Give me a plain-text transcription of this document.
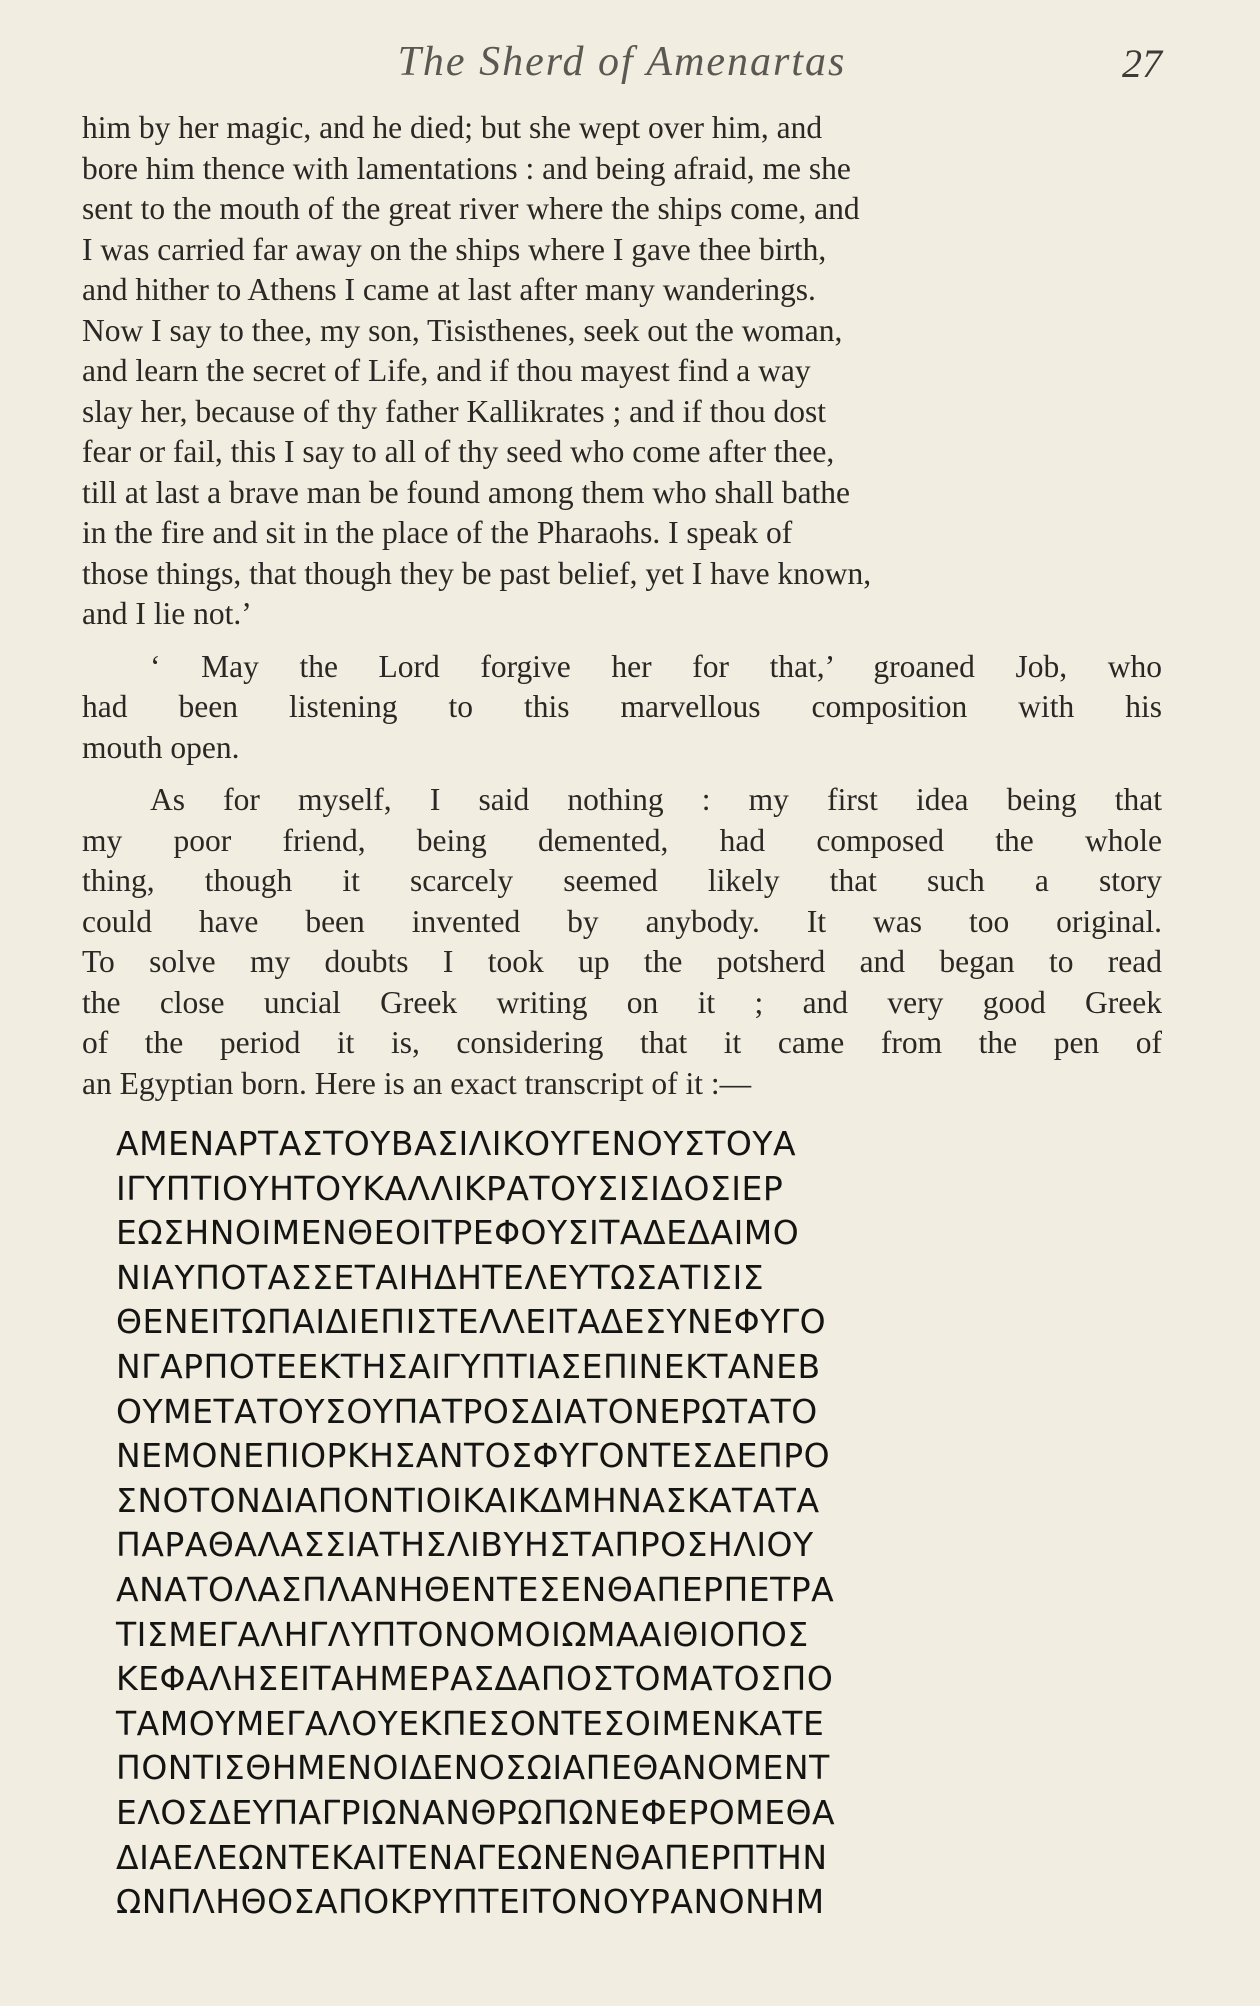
The Sherd of Amenartas	27

him by her magic, and he died; but she wept over him, and
bore him thence with lamentations : and being afraid, me she
sent to the mouth of the great river where the ships come, and
I was carried far away on the ships where I gave thee birth,
and hither to Athens I came at last after many wanderings.
Now I say to thee, my son, Tisisthenes, seek out the woman,
and learn the secret of Life, and if thou mayest find a way
slay her, because of thy father Kallikrates ; and if thou dost
fear or fail, this I say to all of thy seed who come after thee,
till at last a brave man be found among them who shall bathe
in the fire and sit in the place of the Pharaohs. I speak of
those things, that though they be past belief, yet I have known,
and I lie not.’

‘ May the Lord forgive her for that,’ groaned Job, who
had been listening to this marvellous composition with his
mouth open.
As for myself, I said nothing : my first idea being that
my poor friend, being demented, had composed the whole
thing, though it scarcely seemed likely that such a story
could have been invented by anybody. It was too original.
To solve my doubts I took up the potsherd and began to read
the close uncial Greek writing on it ; and very good Greek
of the period it is, considering that it came from the pen of
an Egyptian born. Here is an exact transcript of it :—
ΑΜΕΝΑΡΤΑΣΤΟΥΒΑΣΙΛΙΚΟΥΓΕΝΟΥΣΤΟΥΑ
ΙΓΥΠΤΙΟΥΗΤΟΥΚΑΛΛΙΚΡΑΤΟΥΣΙΣΙΔΟΣΙΕΡ
ΕΩΣΗΝΟΙΜΕΝΘΕΟΙΤΡΕΦΟΥΣΙΤΑΔΕΔΑΙΜΟ
ΝΙΑΥΠΟΤΑΣΣΕΤΑΙΗΔΗΤΕΛΕΥΤΩΣΑΤΙΣΙΣ
ΘΕΝΕΙΤΩΠΑΙΔΙΕΠΙΣΤΕΛΛΕΙΤΑΔΕΣΥΝΕΦΥΓΟ
ΝΓΑΡΠΟΤΕΕΚΤΗΣΑΙΓΥΠΤΙΑΣΕΠΙΝΕΚΤΑΝΕΒ
ΟΥΜΕΤΑΤΟΥΣΟΥΠΑΤΡΟΣΔΙΑΤΟΝΕΡΩΤΑΤΟ
ΝΕΜΟΝΕΠΙΟΡΚΗΣΑΝΤΟΣΦΥΓΟΝΤΕΣΔΕΠΡΟ
ΣΝΟΤΟΝΔΙΑΠΟΝΤΙΟΙΚΑΙΚΔΜΗΝΑΣΚΑΤΑΤΑ
ΠΑΡΑΘΑΛΑΣΣΙΑΤΗΣΛΙΒΥΗΣΤΑΠΡΟΣΗΛΙΟΥ
ΑΝΑΤΟΛΑΣΠΛΑΝΗΘΕΝΤΕΣΕΝΘΑΠΕΡΠΕΤΡΑ
ΤΙΣΜΕΓΑΛΗΓΛΥΠΤΟΝΟΜΟΙΩΜΑΑΙΘΙΟΠΟΣ
ΚΕΦΑΛΗΣΕΙΤΑΗΜΕΡΑΣΔΑΠΟΣΤΟΜΑΤΟΣΠΟ
ΤΑΜΟΥΜΕΓΑΛΟΥΕΚΠΕΣΟΝΤΕΣΟΙΜΕΝΚΑΤΕ
ΠΟΝΤΙΣΘΗΜΕΝΟΙΔΕΝΟΣΩΙΑΠΕΘΑΝΟΜΕΝΤ
ΕΛΟΣΔΕΥΠΑΓΡΙΩΝΑΝΘΡΩΠΩΝΕΦΕΡΟΜΕΘΑ
ΔΙΑΕΛΕΩΝΤΕΚΑΙΤΕΝΑΓΕΩΝΕΝΘΑΠΕΡΠΤΗΝ
ΩΝΠΛΗΘΟΣΑΠΟΚΡΥΠΤΕΙΤΟΝΟΥΡΑΝΟΝΗΜ
